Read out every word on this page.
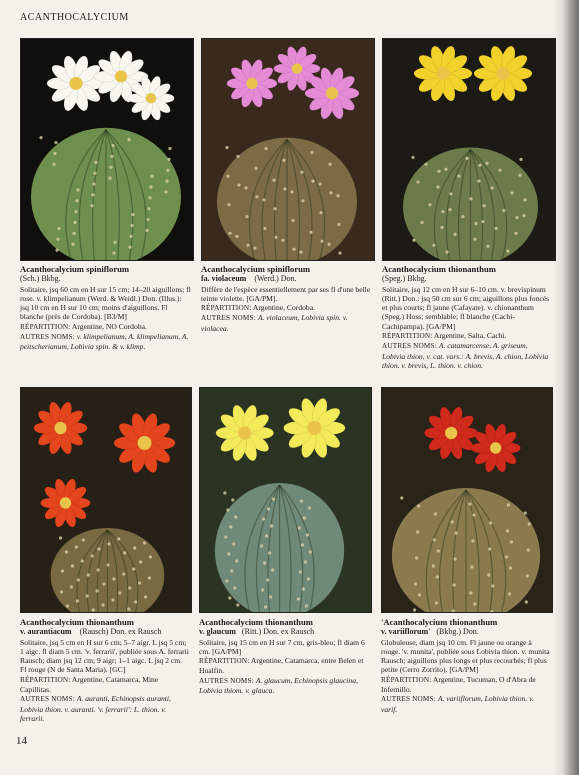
ACANTHOCALYCIUM
Acanthocalycium spiniflorum
(Sch.) Bkbg.

Solitaire, jsq 60 cm en H sur 15 cm; 14–20 aiguillons; fl rose. v. klimpelianum (Werd. & Weidl.) Don. (Illus.): jsq 10 cm en H sur 10 cm; moins d'aiguillons. Fl blanche (près de Cordoba). [B3/M]

RÉPARTITION: Argentine, NO Cordoba.

AUTRES NOMS: v. klimpelianum, A. klimpelianum, A. peitscherianum, Lobivia spin. & v. klimp.

Acanthocalycium spiniflorum
fa. violaceum (Werd.) Don.

Diffère de l'espèce essentiellement par ses fl d'une belle teinte violette. [GA/PM].

RÉPARTITION: Argentine, Cordoba.

AUTRES NOMS: A. violaceum, Lobivia spin. v. violacea.

Acanthocalycium thionanthum
(Speg.) Bkbg.

Solitaire, jsq 12 cm en H sur 6–10 cm. v. brevispinum (Ritt.) Don.: jsq 50 cm sur 6 cm; aiguillons plus foncés et plus courts; fl jaune (Cafayate). v. chionanthum (Speg.) Hoss; semblable; fl blanche (Cachi-Cachipampa). [GA/PM]

RÉPARTITION: Argentine, Salta, Cachi.

AUTRES NOMS: A. catamarcense, A. griseum, Lobivia thion, v. cat. vars.: A. brevis, A. chion, Lobivia thion. v. brevis, L. thion. v. chion.

Acanthocalycium thionanthum
v. aurantiacum (Rausch) Don. ex Rausch

Solitaire, jsq 5 cm en H sur 6 cm; 5–7 aigr. L jsq 5 cm; 1 aigc. fl diam 5 cm. 'v. ferrarii', publiée sous A. ferrarii Rausch; diam jsq 12 cm; 9 aigr; 1–1 aigc. L jsq 2 cm. Fl rouge (N de Santa Maria). [GC]

RÉPARTITION: Argentine, Catamarca, Mine Capillitas.

AUTRES NOMS: A. auranti, Echinopsis auranti, Lobivia thion. v. auranti. 'v. ferrarii': L. thion. v. ferrarii.

Acanthocalycium thionanthum
v. glaucum (Ritt.) Don. ex Rausch

Solitaire, jsq 15 cm en H sur 7 cm, gris-bleu; fl diam 6 cm. [GA/PM]

RÉPARTITION: Argentine, Catamarca, entre Belen et Hualfin.

AUTRES NOMS: A. glaucum, Echinopsis glaucina, Lobivia thiom. v. glauca.

'Acanthocalycium thionanthum
v. variiflorum' (Bkbg.) Don.

Globuleuse, diam jsq 10 cm. Fl jaune ou orange à rouge. 'v. munita', publiée sous Lobivia thion. v. munita Rausch; aiguillons plus longs et plus recourbés; fl plus petite (Cerro Zorrito). [GA/PM]

RÉPARTITION: Argentine, Tucuman, O d'Abra de Infernillo.

AUTRES NOMS: A. variiflorum, Lobivia thion. v. varif.

14
